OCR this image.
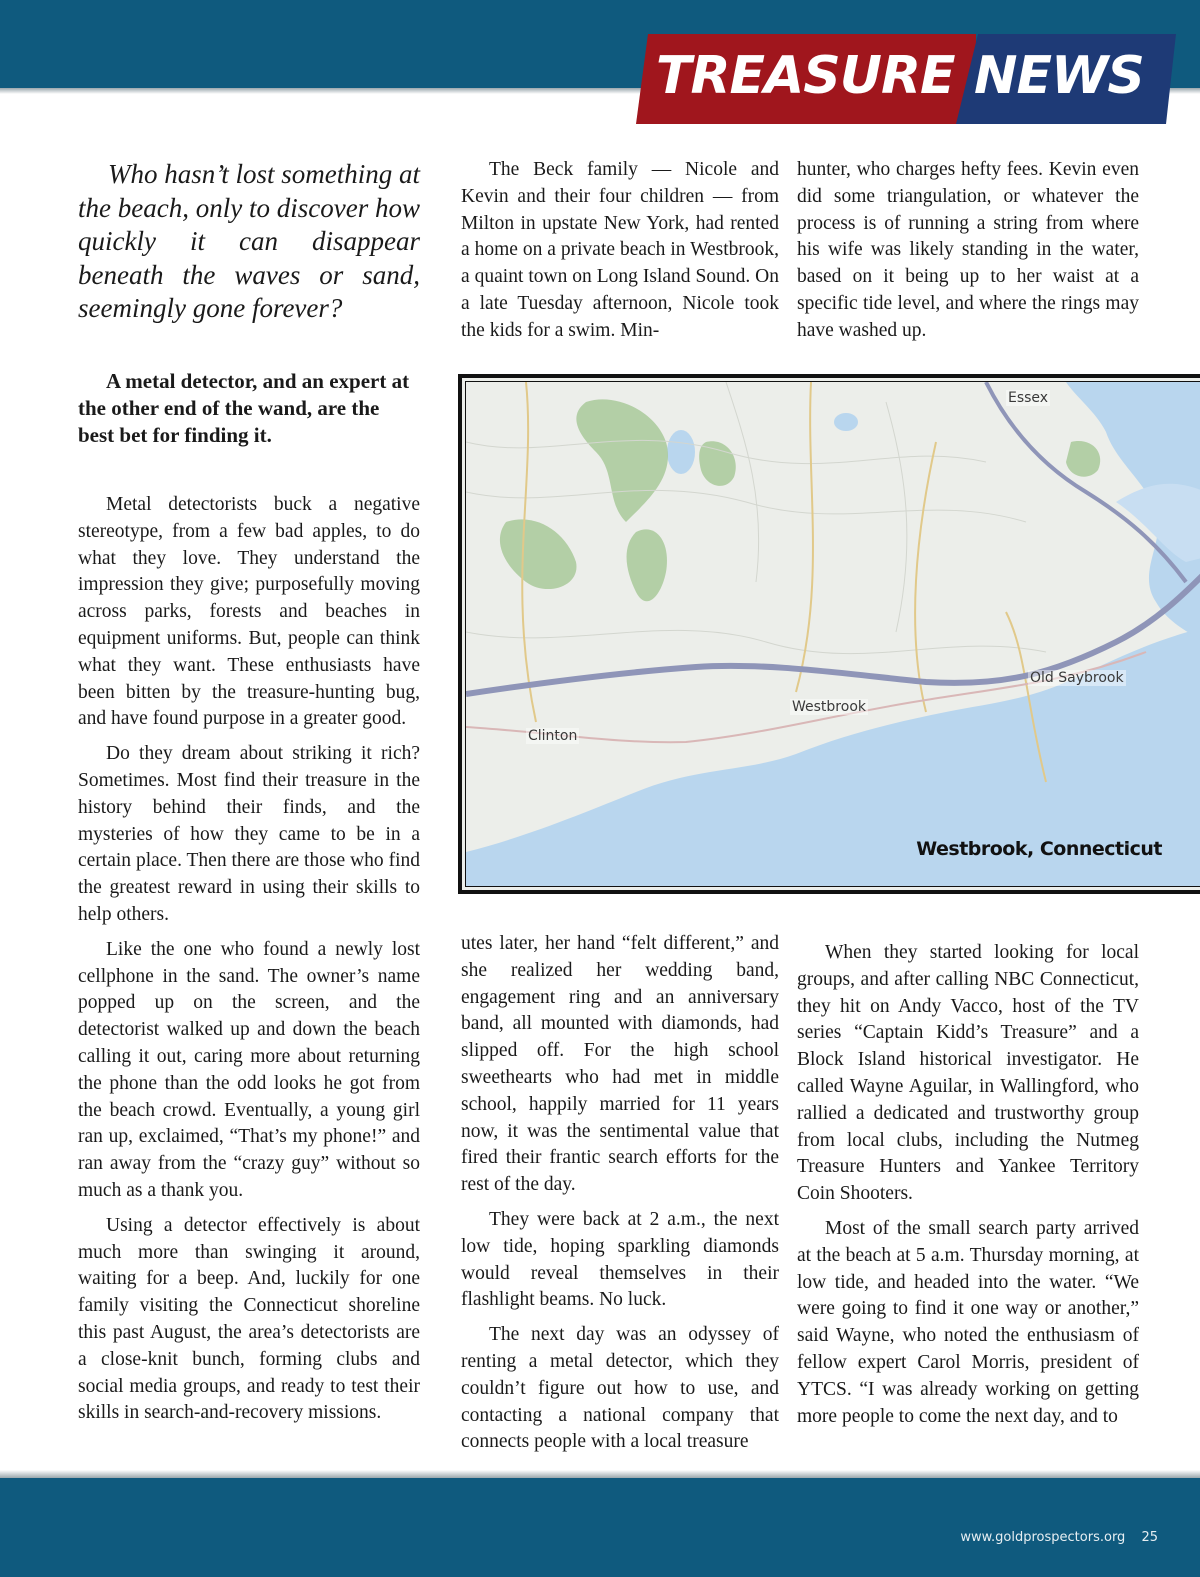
TREASURE NEWS
Who hasn’t lost something at the beach, only to discover how quickly it can disappear beneath the waves or sand, seemingly gone forever?
A metal detector, and an expert at the other end of the wand, are the best bet for finding it.

Metal detectorists buck a negative stereotype, from a few bad apples, to do what they love. They understand the impression they give; purposefully moving across parks, forests and beaches in equipment uniforms. But, people can think what they want. These enthusiasts have been bitten by the treasure-hunting bug, and have found purpose in a greater good.

Do they dream about striking it rich? Sometimes. Most find their treasure in the history behind their finds, and the mysteries of how they came to be in a certain place. Then there are those who find the greatest reward in using their skills to help others.

Like the one who found a newly lost cellphone in the sand. The owner’s name popped up on the screen, and the detectorist walked up and down the beach calling it out, caring more about returning the phone than the odd looks he got from the beach crowd. Eventually, a young girl ran up, exclaimed, “That’s my phone!” and ran away from the “crazy guy” without so much as a thank you.

Using a detector effectively is about much more than swinging it around, waiting for a beep. And, luckily for one family visiting the Connecticut shoreline this past August, the area’s detectorists are a close-knit bunch, forming clubs and social media groups, and ready to test their skills in search-and-recovery missions.

The Beck family — Nicole and Kevin and their four children — from Milton in upstate New York, had rented a home on a private beach in Westbrook, a quaint town on Long Island Sound. On a late Tuesday afternoon, Nicole took the kids for a swim. Min-

hunter, who charges hefty fees. Kevin even did some triangulation, or whatever the process is of running a string from where his wife was likely standing in the water, based on it being up to her waist at a specific tide level, and where the rings may have washed up.

Essex
Old Saybrook
Westbrook
Clinton
Westbrook, Connecticut

utes later, her hand “felt different,” and she realized her wedding band, engagement ring and an anniversary band, all mounted with diamonds, had slipped off. For the high school sweethearts who had met in middle school, happily married for 11 years now, it was the sentimental value that fired their frantic search efforts for the rest of the day.

They were back at 2 a.m., the next low tide, hoping sparkling diamonds would reveal themselves in their flashlight beams. No luck.

The next day was an odyssey of renting a metal detector, which they couldn’t figure out how to use, and contacting a national company that connects people with a local treasure

When they started looking for local groups, and after calling NBC Connecticut, they hit on Andy Vacco, host of the TV series “Captain Kidd’s Treasure” and a Block Island historical investigator. He called Wayne Aguilar, in Wallingford, who rallied a dedicated and trustworthy group from local clubs, including the Nutmeg Treasure Hunters and Yankee Territory Coin Shooters.

Most of the small search party arrived at the beach at 5 a.m. Thursday morning, at low tide, and headed into the water. “We were going to find it one way or another,” said Wayne, who noted the enthusiasm of fellow expert Carol Morris, president of YTCS. “I was already working on getting more people to come the next day, and to

www.goldprospectors.org 25
